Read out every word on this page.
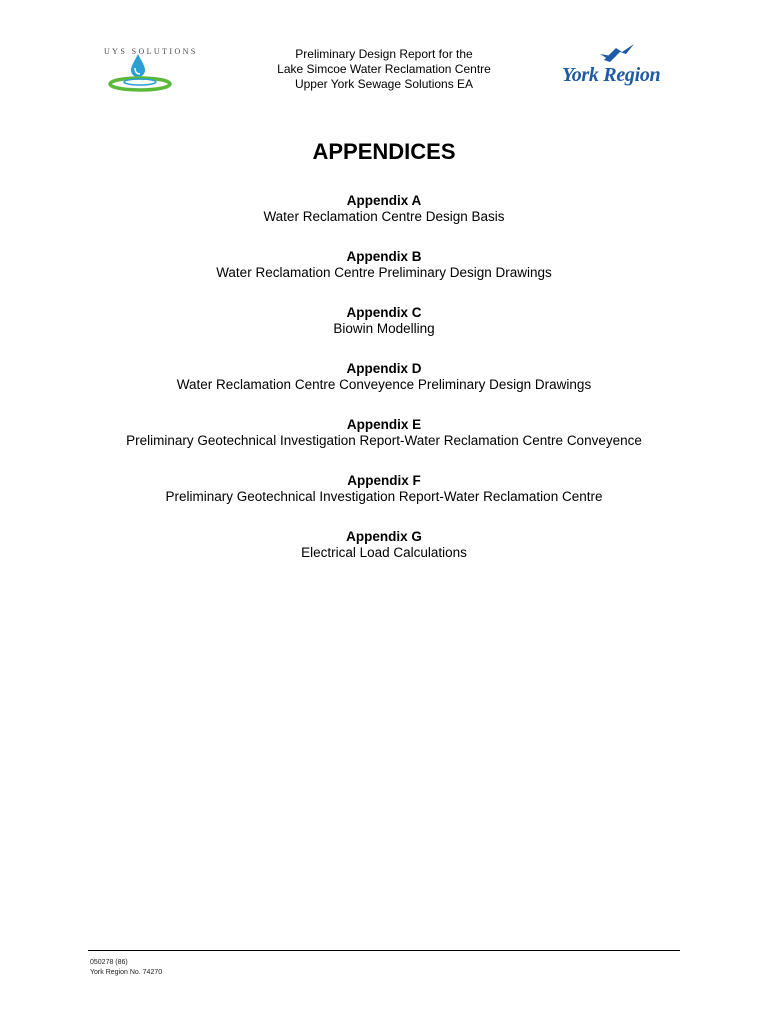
UYS SOLUTIONS	Preliminary Design Report for the
Lake Simcoe Water Reclamation Centre
Upper York Sewage Solutions EA	York Region
APPENDICES
Appendix A
Water Reclamation Centre Design Basis
Appendix B
Water Reclamation Centre Preliminary Design Drawings
Appendix C
Biowin Modelling
Appendix D
Water Reclamation Centre Conveyence Preliminary Design Drawings
Appendix E
Preliminary Geotechnical Investigation Report-Water Reclamation Centre Conveyence
Appendix F
Preliminary Geotechnical Investigation Report-Water Reclamation Centre
Appendix G
Electrical Load Calculations
050278 (86)
York Region No. 74270
